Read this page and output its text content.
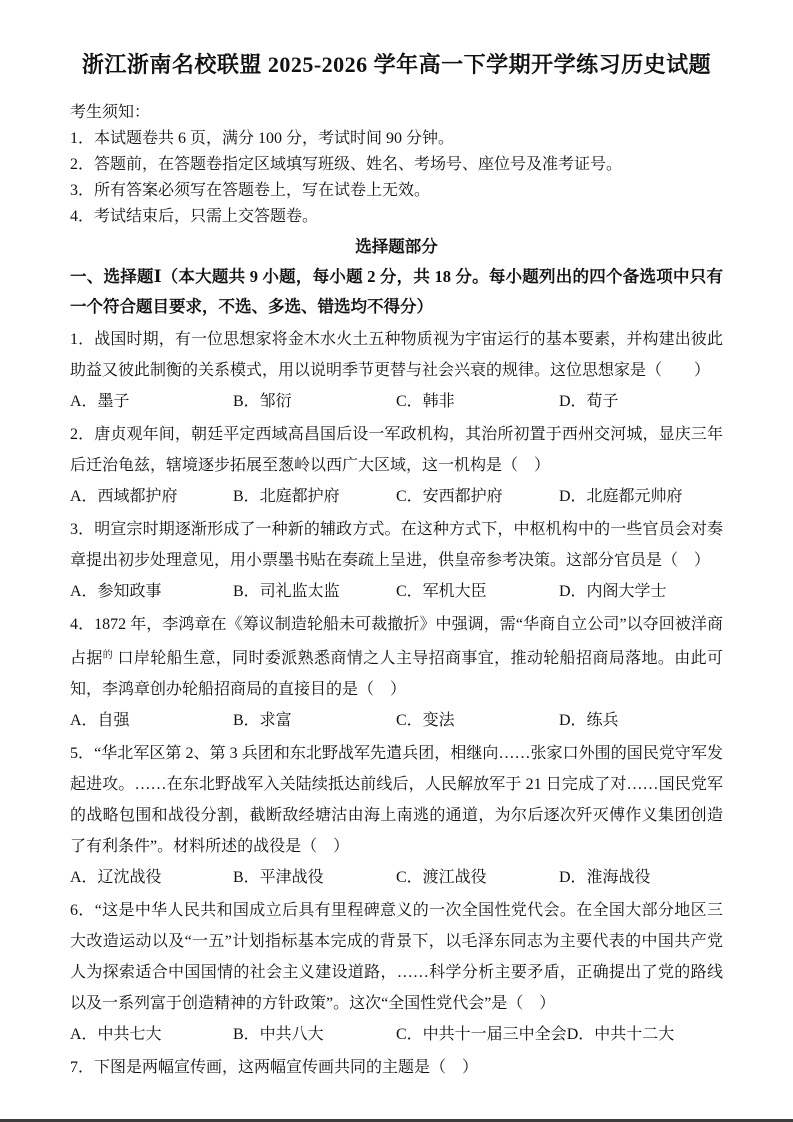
浙江浙南名校联盟 2025-2026 学年高一下学期开学练习历史试题

考生须知：

1．本试题卷共 6 页，满分 100 分，考试时间 90 分钟。

2．答题前，在答题卷指定区域填写班级、姓名、考场号、座位号及准考证号。

3．所有答案必须写在答题卷上，写在试卷上无效。

4．考试结束后，只需上交答题卷。

选择题部分

一、选择题Ⅰ（本大题共 9 小题，每小题 2 分，共 18 分。每小题列出的四个备选项中只有一个符合题目要求，不选、多选、错选均不得分）

1．战国时期，有一位思想家将金木水火土五种物质视为宇宙运行的基本要素，并构建出彼此助益又彼此制衡的关系模式，用以说明季节更替与社会兴衰的规律。这位思想家是（　　）

A．墨子	B．邹衍	C．韩非	D．荀子

2．唐贞观年间，朝廷平定西域高昌国后设一军政机构，其治所初置于西州交河城，显庆三年后迁治龟兹，辖境逐步拓展至葱岭以西广大区域，这一机构是（　）

A．西域都护府	B．北庭都护府	C．安西都护府	D．北庭都元帅府

3．明宣宗时期逐渐形成了一种新的辅政方式。在这种方式下，中枢机构中的一些官员会对奏章提出初步处理意见，用小票墨书贴在奏疏上呈进，供皇帝参考决策。这部分官员是（　）

A．参知政事	B．司礼监太监	C．军机大臣	D．内阁大学士

4．1872 年，李鸿章在《筹议制造轮船未可裁撤折》中强调，需“华商自立公司”以夺回被洋商占据$^的$ 口岸轮船生意，同时委派熟悉商情之人主导招商事宜，推动轮船招商局落地。由此可知，李鸿章创办轮船招商局的直接目的是（　）

A．自强	B．求富	C．变法	D．练兵

5．“华北军区第 2、第 3 兵团和东北野战军先遣兵团，相继向……张家口外围的国民党守军发起进攻。……在东北野战军入关陆续抵达前线后，人民解放军于 21 日完成了对……国民党军的战略包围和战役分割，截断敌经塘沽由海上南逃的通道，为尔后逐次歼灭傅作义集团创造了有利条件”。材料所述的战役是（　）

A．辽沈战役	B．平津战役	C．渡江战役	D．淮海战役

6．“这是中华人民共和国成立后具有里程碑意义的一次全国性党代会。在全国大部分地区三大改造运动以及“一五”计划指标基本完成的背景下，以毛泽东同志为主要代表的中国共产党人为探索适合中国国情的社会主义建设道路，……科学分析主要矛盾，正确提出了党的路线以及一系列富于创造精神的方针政策”。这次“全国性党代会”是（　）

A．中共七大	B．中共八大	C．中共十一届三中全会 D．中共十二大

7．下图是两幅宣传画，这两幅宣传画共同的主题是（　）
